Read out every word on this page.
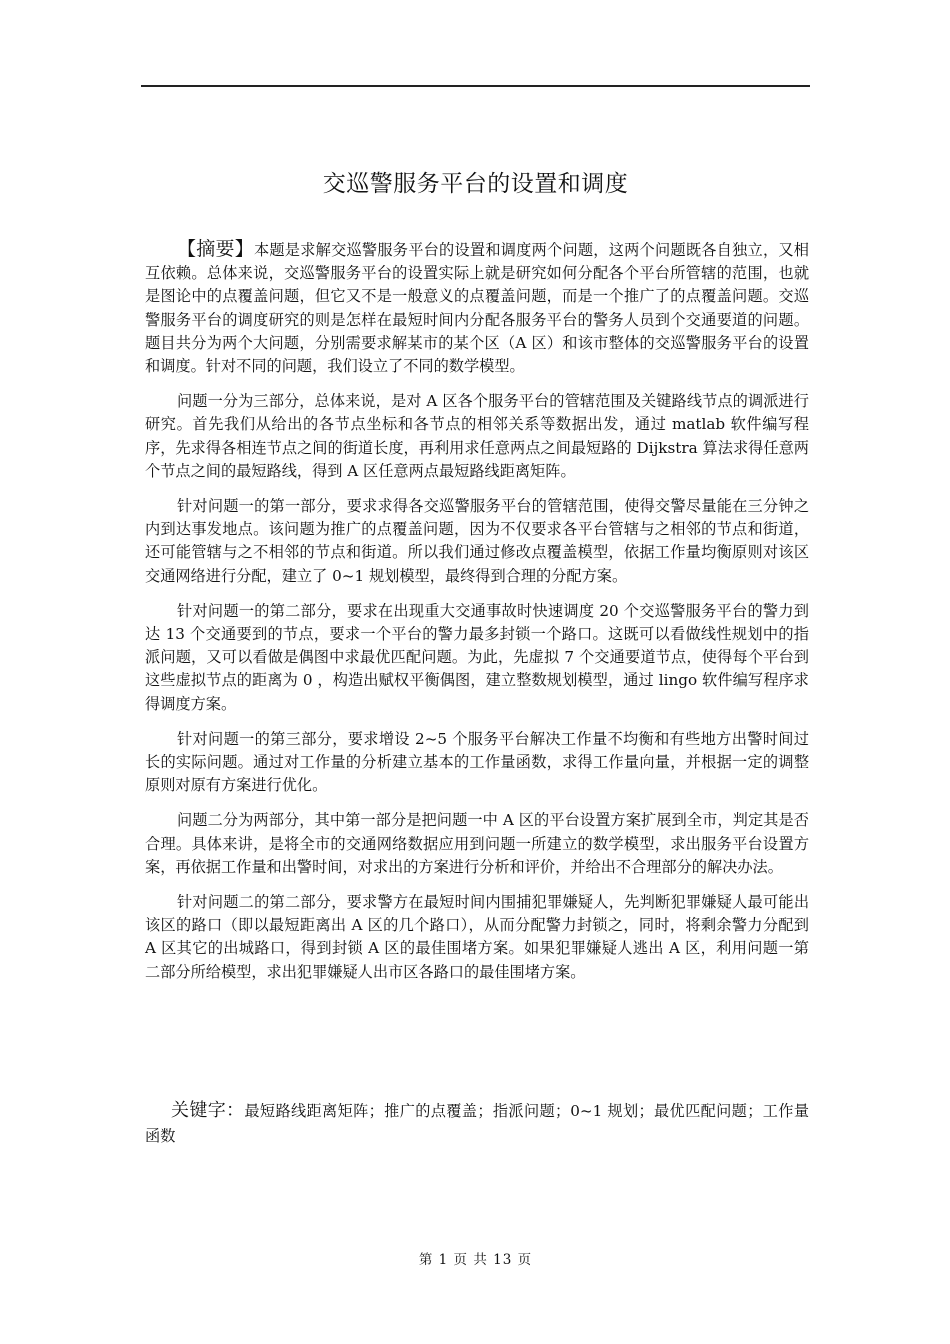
交巡警服务平台的设置和调度

【摘要】本题是求解交巡警服务平台的设置和调度两个问题，这两个问题既各自独立，又相互依赖。总体来说，交巡警服务平台的设置实际上就是研究如何分配各个平台所管辖的范围，也就是图论中的点覆盖问题，但它又不是一般意义的点覆盖问题，而是一个推广了的点覆盖问题。交巡警服务平台的调度研究的则是怎样在最短时间内分配各服务平台的警务人员到个交通要道的问题。题目共分为两个大问题，分别需要求解某市的某个区（A 区）和该市整体的交巡警服务平台的设置和调度。针对不同的问题，我们设立了不同的数学模型。

问题一分为三部分，总体来说，是对 A 区各个服务平台的管辖范围及关键路线节点的调派进行研究。首先我们从给出的各节点坐标和各节点的相邻关系等数据出发，通过 matlab 软件编写程序，先求得各相连节点之间的街道长度，再利用求任意两点之间最短路的 Dijkstra 算法求得任意两个节点之间的最短路线，得到 A 区任意两点最短路线距离矩阵。

针对问题一的第一部分，要求求得各交巡警服务平台的管辖范围，使得交警尽量能在三分钟之内到达事发地点。该问题为推广的点覆盖问题，因为不仅要求各平台管辖与之相邻的节点和街道，还可能管辖与之不相邻的节点和街道。所以我们通过修改点覆盖模型，依据工作量均衡原则对该区交通网络进行分配，建立了 0~1 规划模型，最终得到合理的分配方案。

针对问题一的第二部分，要求在出现重大交通事故时快速调度 20 个交巡警服务平台的警力到达 13 个交通要到的节点，要求一个平台的警力最多封锁一个路口。这既可以看做线性规划中的指派问题，又可以看做是偶图中求最优匹配问题。为此，先虚拟 7 个交通要道节点，使得每个平台到这些虚拟节点的距离为 0 ，构造出赋权平衡偶图，建立整数规划模型，通过 lingo 软件编写程序求得调度方案。

针对问题一的第三部分，要求增设 2~5 个服务平台解决工作量不均衡和有些地方出警时间过长的实际问题。通过对工作量的分析建立基本的工作量函数，求得工作量向量，并根据一定的调整原则对原有方案进行优化。

问题二分为两部分，其中第一部分是把问题一中 A 区的平台设置方案扩展到全市，判定其是否合理。具体来讲，是将全市的交通网络数据应用到问题一所建立的数学模型，求出服务平台设置方案，再依据工作量和出警时间，对求出的方案进行分析和评价，并给出不合理部分的解决办法。

针对问题二的第二部分，要求警方在最短时间内围捕犯罪嫌疑人，先判断犯罪嫌疑人最可能出该区的路口（即以最短距离出 A 区的几个路口），从而分配警力封锁之，同时，将剩余警力分配到 A 区其它的出城路口，得到封锁 A 区的最佳围堵方案。如果犯罪嫌疑人逃出 A 区，利用问题一第二部分所给模型，求出犯罪嫌疑人出市区各路口的最佳围堵方案。

关键字：最短路线距离矩阵；推广的点覆盖；指派问题；0~1 规划；最优匹配问题；工作量函数
第 1 页 共 13 页
